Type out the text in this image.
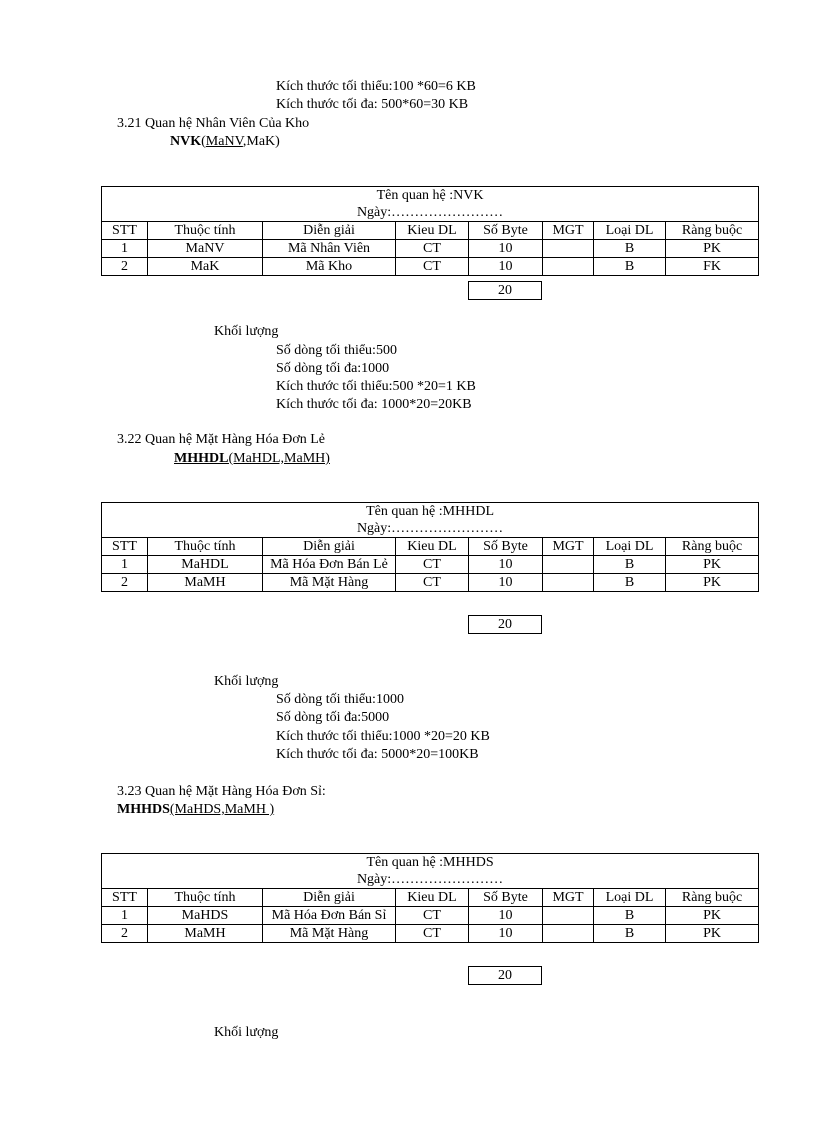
Kích thước tối thiểu:100 *60=6 KB
Kích thước tối đa: 500*60=30 KB
3.21 Quan hệ Nhân Viên Của Kho
NVK(MaNV,MaK)
Tên quan hệ :NVK
Ngày:……………………							

STT	Thuộc tính	Diễn giải	Kieu DL	Số Byte	MGT	Loại DL	Ràng buộc
1	MaNV	Mã Nhân Viên	CT	10		B	PK
2	MaK	Mã Kho	CT	10		B	FK
20
Khối lượng
Số dòng tối thiểu:500
Số dòng tối đa:1000
Kích thước tối thiểu:500 *20=1 KB
Kích thước tối đa: 1000*20=20KB
3.22 Quan hệ Mặt Hàng Hóa Đơn Lẻ
MHHDL(MaHDL,MaMH)
Tên quan hệ :MHHDL
Ngày:……………………							

STT	Thuộc tính	Diễn giải	Kieu DL	Số Byte	MGT	Loại DL	Ràng buộc
1	MaHDL	Mã Hóa Đơn Bán Lẻ	CT	10		B	PK
2	MaMH	Mã Mặt Hàng	CT	10		B	PK
20
Khối lượng
Số dòng tối thiểu:1000
Số dòng tối đa:5000
Kích thước tối thiểu:1000 *20=20 KB
Kích thước tối đa: 5000*20=100KB
3.23 Quan hệ Mặt Hàng Hóa Đơn Sỉ:
MHHDS(MaHDS,MaMH )
Tên quan hệ :MHHDS
Ngày:……………………							

STT	Thuộc tính	Diễn giải	Kieu DL	Số Byte	MGT	Loại DL	Ràng buộc
1	MaHDS	Mã Hóa Đơn Bán Sỉ	CT	10		B	PK
2	MaMH	Mã Mặt Hàng	CT	10		B	PK
20
Khối lượng
